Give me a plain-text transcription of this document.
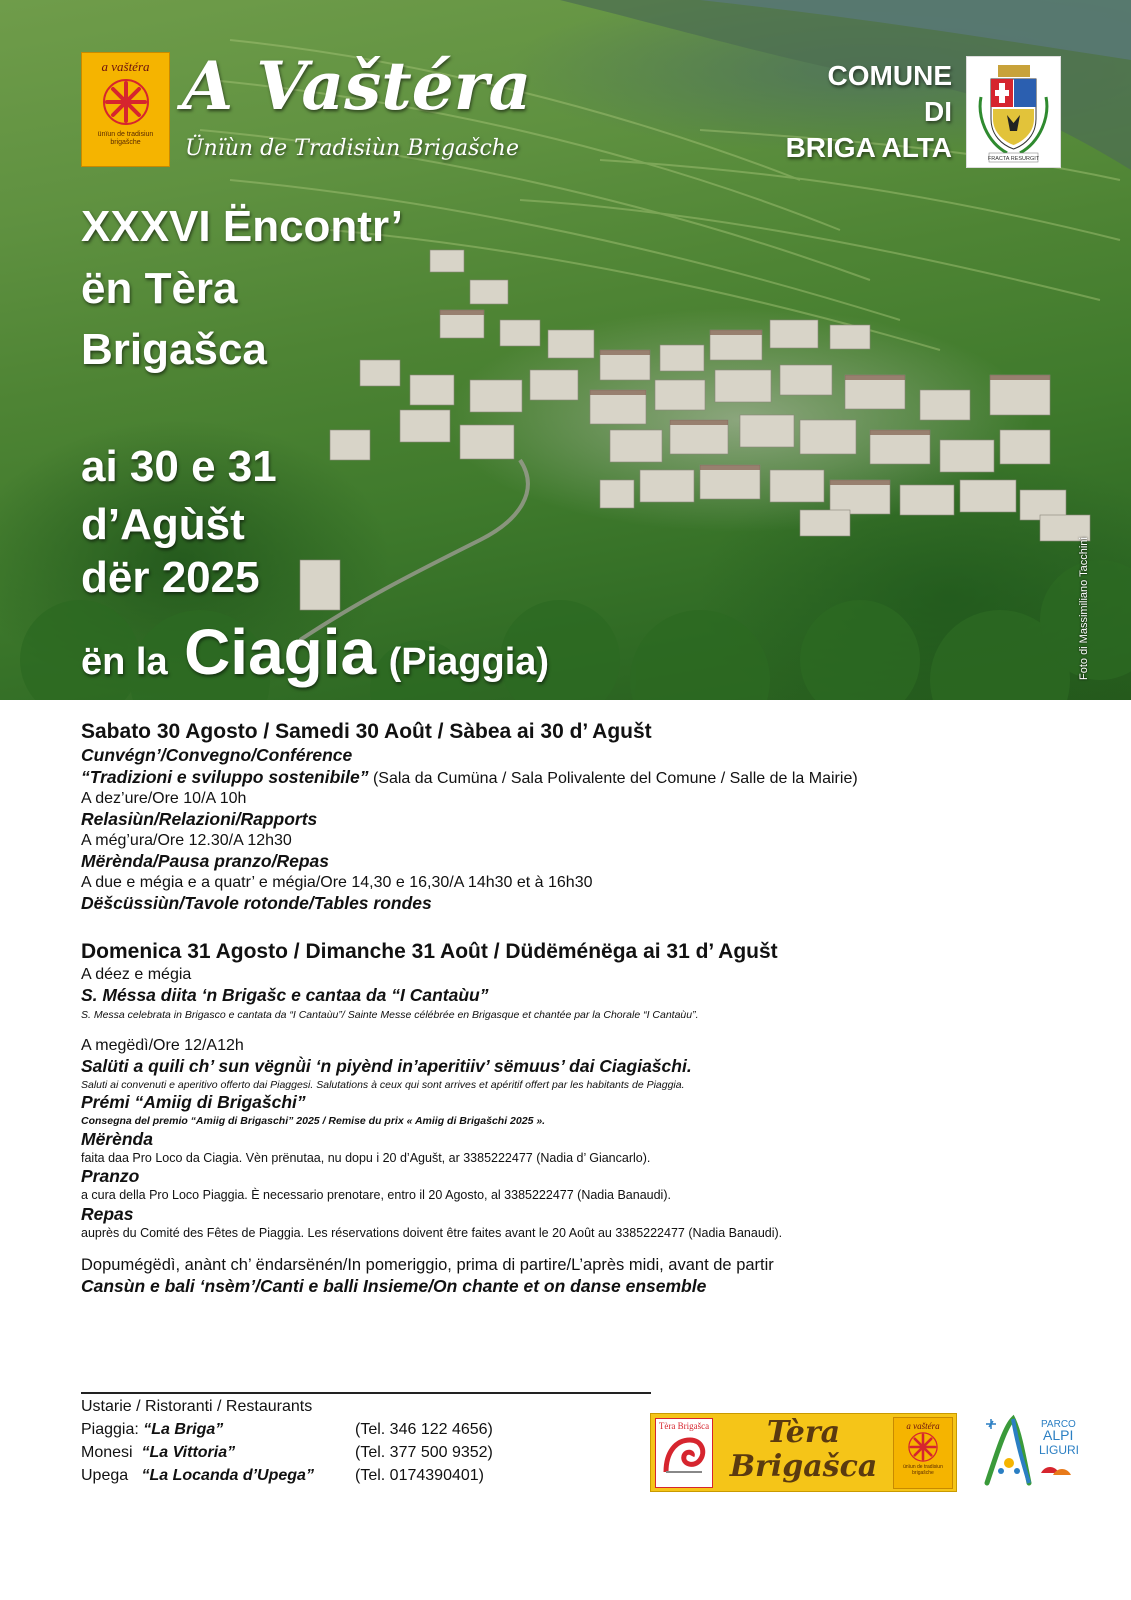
a vaštéra
ünïun de tradisiun brigašche
A Vaštéra
Ünïùn de Tradisiùn Brigašche
COMUNE
DI
BRIGA ALTA	FRACTA RESURGIT
XXXVI Ëncontr’
ën Tèra
Brigašca
ai 30 e 31
d’Agùšt
dër 2025
ën la Ciagia (Piaggia)	Foto di Massimiliano Tacchini
Sabato 30 Agosto / Samedi 30 Août / Sàbea ai 30 d’ Agušt
Cunvégn’/Convegno/Conférence
“Tradizioni e sviluppo sostenibile” (Sala da Cumüna / Sala Polivalente del Comune / Salle de la Mairie)
A dez’ure/Ore 10/A 10h
Relasiùn/Relazioni/Rapports
A még’ura/Ore 12.30/A 12h30
Mërènda/Pausa pranzo/Repas
A due e mégia e a quatr’ e mégia/Ore 14,30 e 16,30/A 14h30 et à 16h30
Dëšcüssiùn/Tavole rotonde/Tables rondes
Domenica 31 Agosto / Dimanche 31 Août / Düdëménëga ai 31 d’ Agušt
A déez e mégia
S. Méssa diita ‘n Brigašc e cantaa da “I Cantaùu”
S. Messa celebrata in Brigasco e cantata da “I Cantaùu”/ Sainte Messe célébrée en Brigasque et chantée par la Chorale “I Cantaùu”.
A megëdì/Ore 12/A12h
Salüti a quili ch’ sun vëgnǜi ‘n piyènd in’aperitiiv’ sëmuus’ dai Ciagiašchi.
Saluti ai convenuti e aperitivo offerto dai Piaggesi. Salutations à ceux qui sont arrives et apéritif offert par les habitants de Piaggia.
Prémi “Amiig di Brigašchi”
Consegna del premio “Amiig di Brigaschi” 2025 / Remise du prix « Amiig di Brigašchi 2025 ».
Mërènda
faita daa Pro Loco da Ciagia. Vèn prënutaa, nu dopu i 20 d’Agušt, ar 3385222477 (Nadia d’ Giancarlo).
Pranzo
a cura della Pro Loco Piaggia. È necessario prenotare, entro il 20 Agosto, al 3385222477 (Nadia Banaudi).
Repas
auprès du Comité des Fêtes de Piaggia. Les réservations doivent être faites avant le 20 Août au 3385222477 (Nadia Banaudi).
Dopumégëdì, anànt ch’ ëndarsënén/In pomeriggio, prima di partire/L’après midi, avant de partir
Cansùn e bali ‘nsèm’/Canti e balli Insieme/On chante et on danse ensemble
Ustarie / Ristoranti / Restaurants
Piaggia: “La Briga”	(Tel. 346 122 4656)
Monesi  “La Vittoria”	(Tel. 377 500 9352)
Upega   “La Locanda d’Upega”	(Tel. 0174390401)
Tèra Brigašca	Tèra
Brigašca
a vaštéra
ünïun de tradisiun brigašche
PARCO
ALPI
LIGURI
